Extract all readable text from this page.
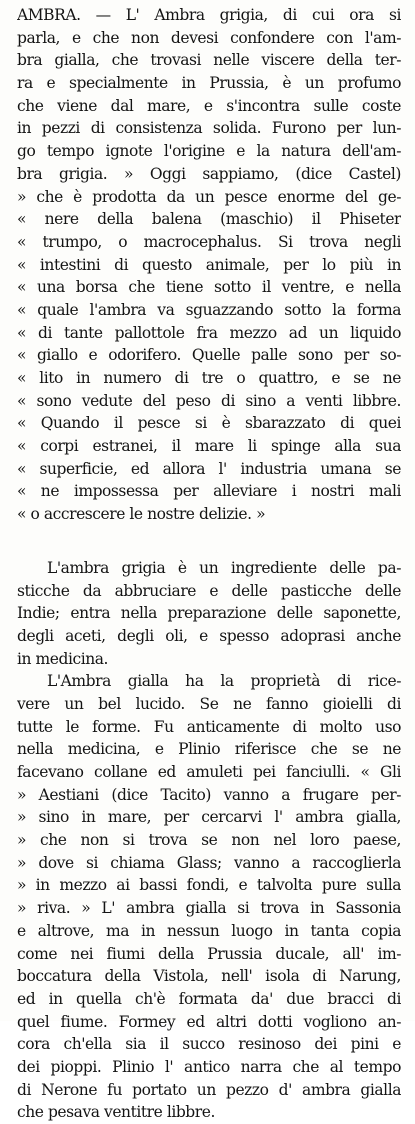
AMBRA. — L' Ambra grigia, di cui ora si
parla, e che non devesi confondere con l'am-
bra gialla, che trovasi nelle viscere della ter-
ra e specialmente in Prussia, è un profumo
che viene dal mare, e s'incontra sulle coste
in pezzi di consistenza solida. Furono per lun-
go tempo ignote l'origine e la natura dell'am-
bra grigia. » Oggi sappiamo, (dice Castel)
» che è prodotta da un pesce enorme del ge-
« nere della balena (maschio) il Phiseter
« trumpo, o macrocephalus. Si trova negli
« intestini di questo animale, per lo più in
« una borsa che tiene sotto il ventre, e nella
« quale l'ambra va sguazzando sotto la forma
« di tante pallottole fra mezzo ad un liquido
« giallo e odorifero. Quelle palle sono per so-
« lito in numero di tre o quattro, e se ne
« sono vedute del peso di sino a venti libbre.
« Quando il pesce si è sbarazzato di quei
« corpi estranei, il mare li spinge alla sua
« superficie, ed allora l' industria umana se
« ne impossessa per alleviare i nostri mali
« o accrescere le nostre delizie. »
L'ambra grigia è un ingrediente delle pa-
sticche da abbruciare e delle pasticche delle
Indie; entra nella preparazione delle saponette,
degli aceti, degli oli, e spesso adoprasi anche
in medicina.
L'Ambra gialla ha la proprietà di rice-
vere un bel lucido. Se ne fanno gioielli di
tutte le forme. Fu anticamente di molto uso
nella medicina, e Plinio riferisce che se ne
facevano collane ed amuleti pei fanciulli. « Gli
» Aestiani (dice Tacito) vanno a frugare per-
» sino in mare, per cercarvi l' ambra gialla,
» che non si trova se non nel loro paese,
» dove si chiama Glass; vanno a raccoglierla
» in mezzo ai bassi fondi, e talvolta pure sulla
» riva. » L' ambra gialla si trova in Sassonia
e altrove, ma in nessun luogo in tanta copia
come nei fiumi della Prussia ducale, all' im-
boccatura della Vistola, nell' isola di Narung,
ed in quella ch'è formata da' due bracci di
quel fiume. Formey ed altri dotti vogliono an-
cora ch'ella sia il succo resinoso dei pini e
dei pioppi. Plinio l' antico narra che al tempo
di Nerone fu portato un pezzo d' ambra gialla
che pesava ventitre libbre.
